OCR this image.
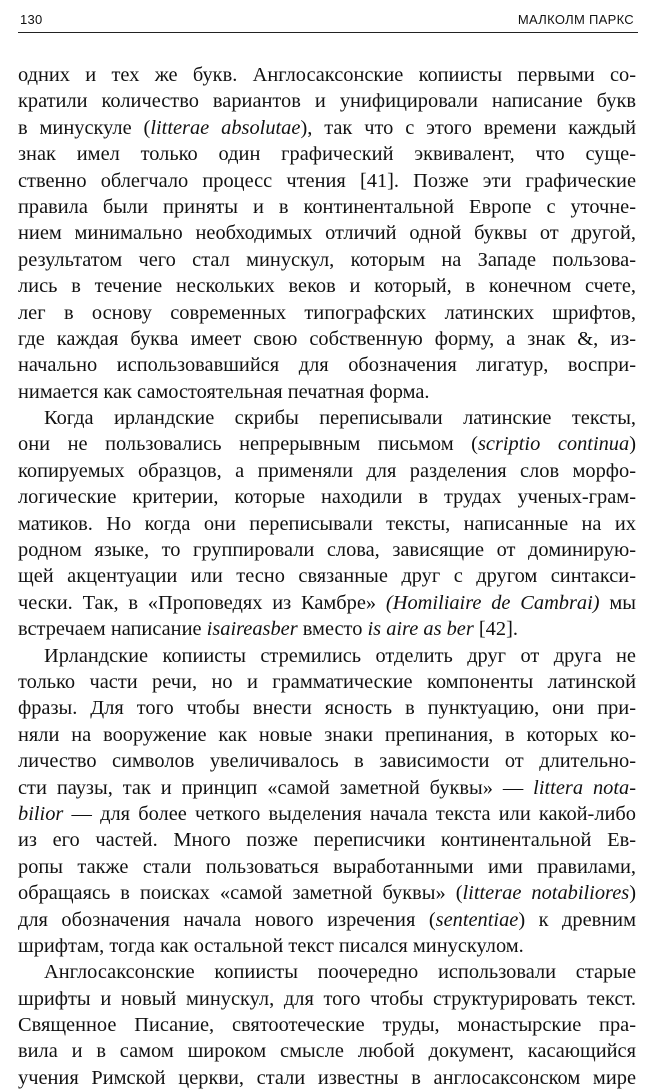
130	МАЛКОЛМ ПАРКС
одних и тех же букв. Англосаксонские копиисты первыми со-
кратили количество вариантов и унифицировали написание букв
в минускуле (litterae absolutae), так что с этого времени каждый
знак имел только один графический эквивалент, что суще-
ственно облегчало процесс чтения [41]. Позже эти графические
правила были приняты и в континентальной Европе с уточне-
нием минимально необходимых отличий одной буквы от другой,
результатом чего стал минускул, которым на Западе пользова-
лись в течение нескольких веков и который, в конечном счете,
лег в основу современных типографских латинских шрифтов,
где каждая буква имеет свою собственную форму, а знак &, из-
начально использовавшийся для обозначения лигатур, воспри-
нимается как самостоятельная печатная форма.
Когда ирландские скрибы переписывали латинские тексты,
они не пользовались непрерывным письмом (scriptio continua)
копируемых образцов, а применяли для разделения слов морфо-
логические критерии, которые находили в трудах ученых-грам-
матиков. Но когда они переписывали тексты, написанные на их
родном языке, то группировали слова, зависящие от доминирую-
щей акцентуации или тесно связанные друг с другом синтакси-
чески. Так, в «Проповедях из Камбре» (Homiliaire de Cambrai) мы
встречаем написание isaireasber вместо is aire as ber [42].
Ирландские копиисты стремились отделить друг от друга не
только части речи, но и грамматические компоненты латинской
фразы. Для того чтобы внести ясность в пунктуацию, они при-
няли на вооружение как новые знаки препинания, в которых ко-
личество символов увеличивалось в зависимости от длительно-
сти паузы, так и принцип «самой заметной буквы» — littera nota-
bilior — для более четкого выделения начала текста или какой-либо
из его частей. Много позже переписчики континентальной Ев-
ропы также стали пользоваться выработанными ими правилами,
обращаясь в поисках «самой заметной буквы» (litterae notabiliores)
для обозначения начала нового изречения (sententiae) к древним
шрифтам, тогда как остальной текст писался минускулом.
Англосаксонские копиисты поочередно использовали старые
шрифты и новый минускул, для того чтобы структурировать текст.
Священное Писание, святоотеческие труды, монастырские пра-
вила и в самом широком смысле любой документ, касающийся
учения Римской церкви, стали известны в англосаксонском мире
